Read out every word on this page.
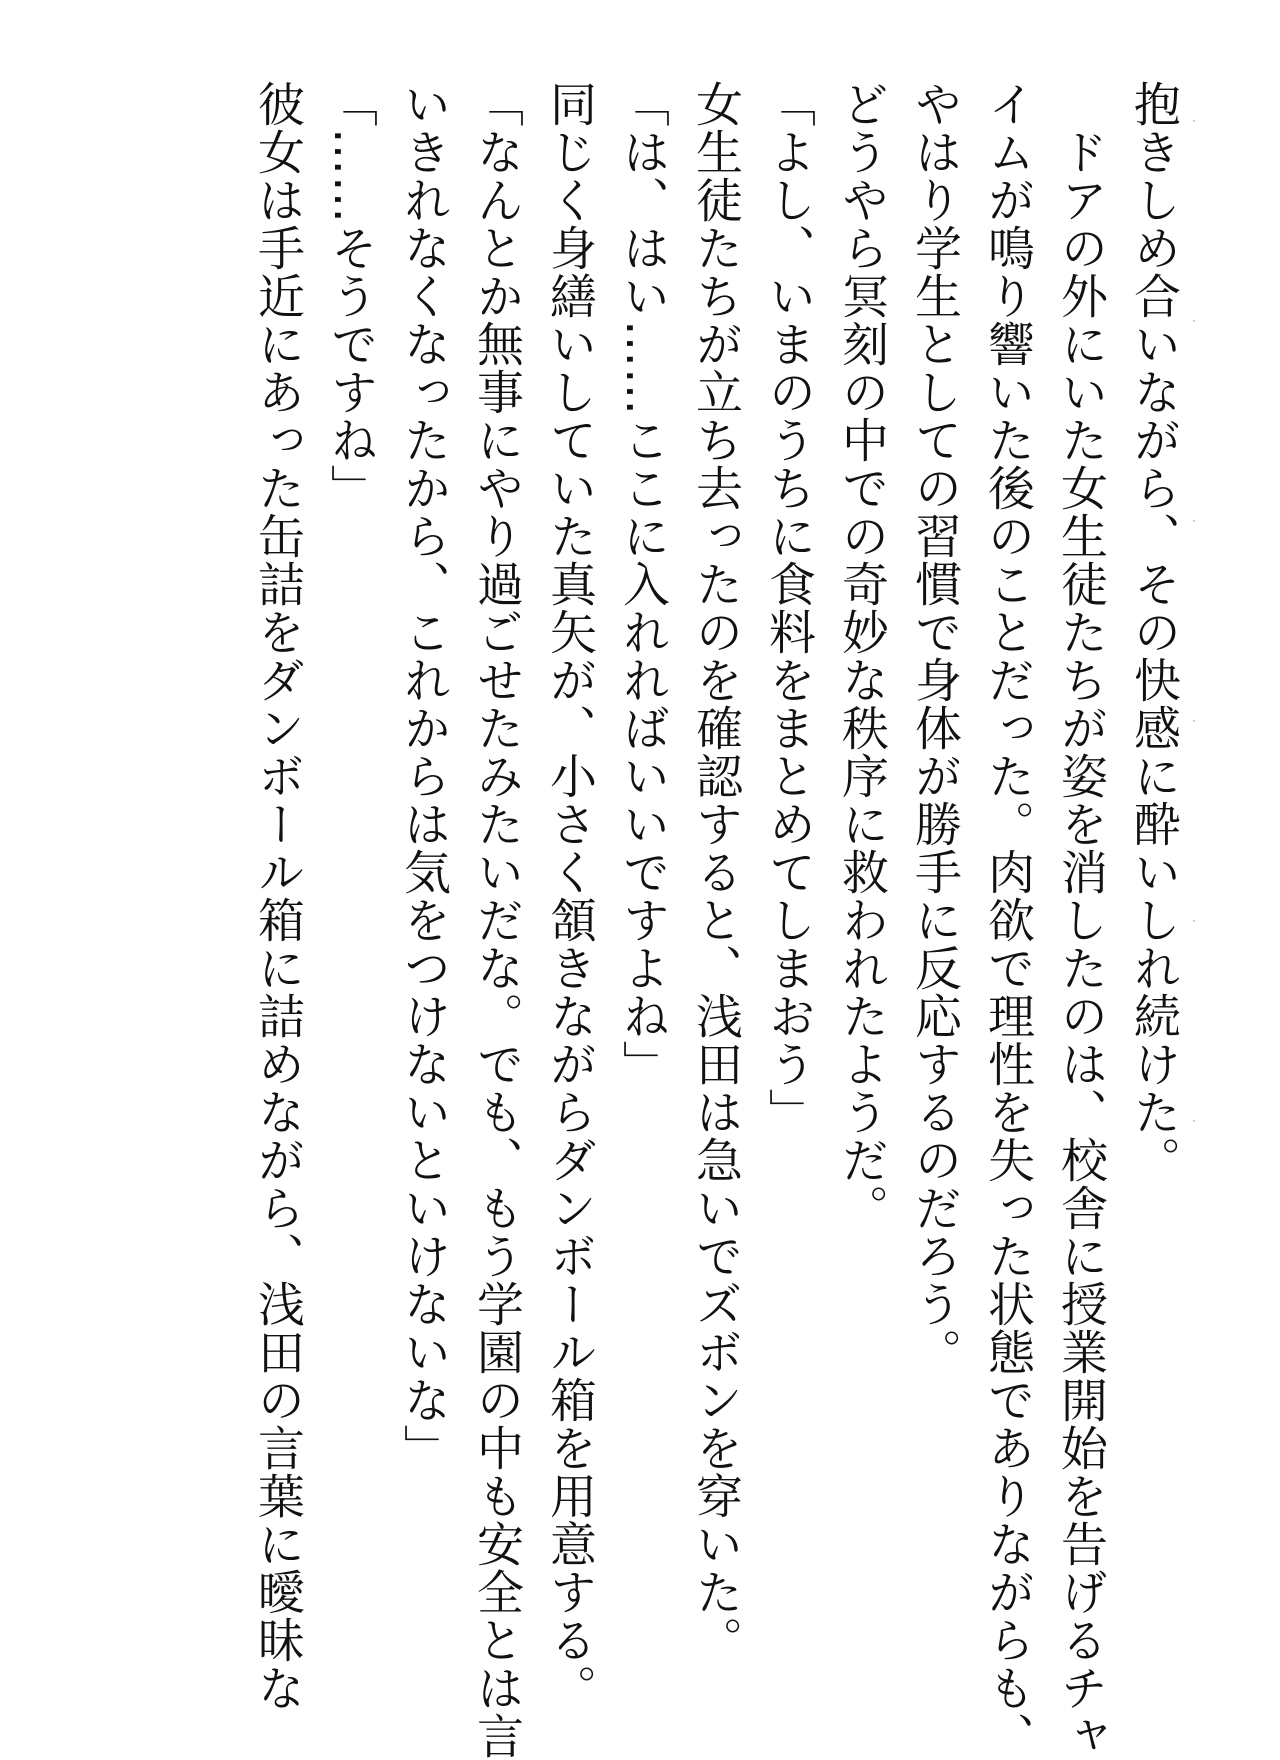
抱きしめ合いながら、その快感に酔いしれ続けた。
　ドアの外にいた女生徒たちが姿を消したのは、校舎に授業開始を告げるチャ
イムが鳴り響いた後のことだった。肉欲で理性を失った状態でありながらも、
やはり学生としての習慣で身体が勝手に反応するのだろう。
どうやら冥刻の中での奇妙な秩序に救われたようだ。
「よし、いまのうちに食料をまとめてしまおう」
女生徒たちが立ち去ったのを確認すると、浅田は急いでズボンを穿いた。
「は、はい……ここに入れればいいですよね」
同じく身繕いしていた真矢が、小さく頷きながらダンボール箱を用意する。
「なんとか無事にやり過ごせたみたいだな。でも、もう学園の中も安全とは言
いきれなくなったから、これからは気をつけないといけないな」
「……そうですね」
彼女は手近にあった缶詰をダンボール箱に詰めながら、浅田の言葉に曖昧な
